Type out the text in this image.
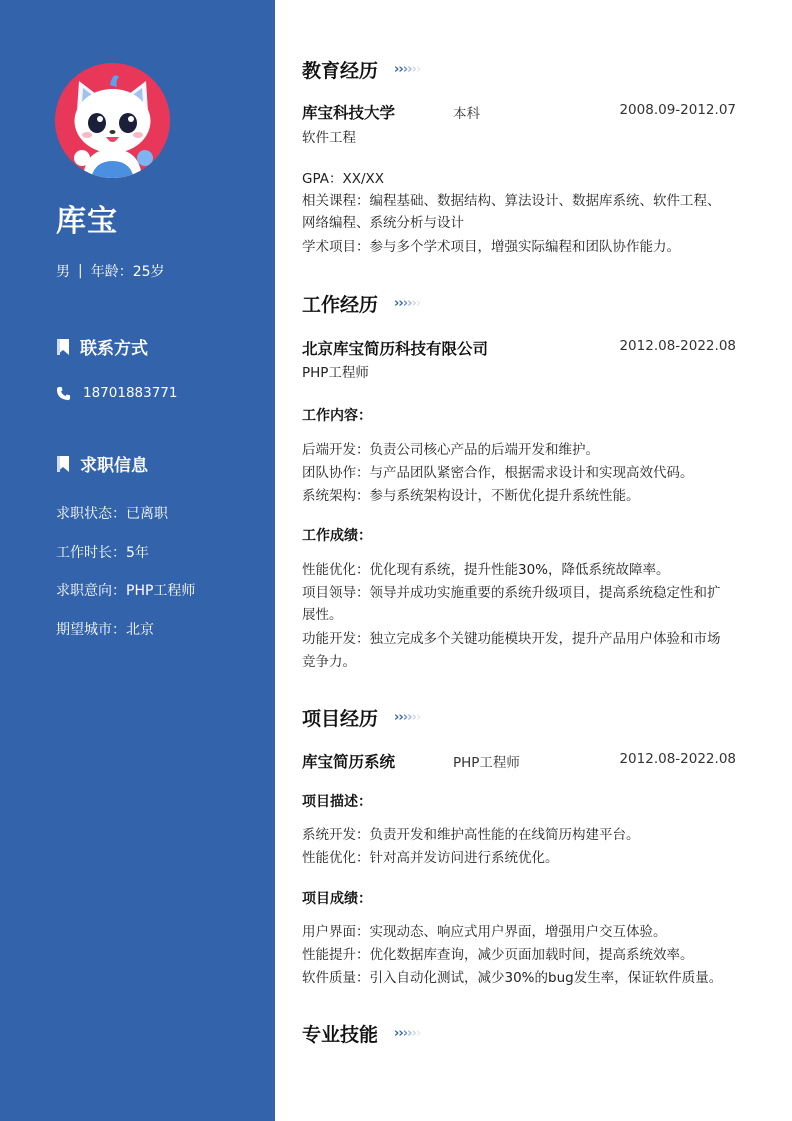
库宝
男 | 年龄：25岁
联系方式
18701883771
求职信息
求职状态：已离职
工作时长：5年
求职意向：PHP工程师
期望城市：北京
教育经历 › › › › › ›
库宝科技大学	本科	2008.09-2012.07
软件工程
GPA：XX/XX
相关课程：编程基础、数据结构、算法设计、数据库系统、软件工程、
网络编程、系统分析与设计
学术项目：参与多个学术项目，增强实际编程和团队协作能力。
工作经历 › › › › › ›
北京库宝简历科技有限公司	2012.08-2022.08
PHP工程师
工作内容：
后端开发：负责公司核心产品的后端开发和维护。
团队协作：与产品团队紧密合作，根据需求设计和实现高效代码。
系统架构：参与系统架构设计，不断优化提升系统性能。
工作成绩：
性能优化：优化现有系统，提升性能30%，降低系统故障率。
项目领导：领导并成功实施重要的系统升级项目，提高系统稳定性和扩
展性。
功能开发：独立完成多个关键功能模块开发，提升产品用户体验和市场
竞争力。
项目经历 › › › › › ›
库宝简历系统	PHP工程师	2012.08-2022.08
项目描述：
系统开发：负责开发和维护高性能的在线简历构建平台。
性能优化：针对高并发访问进行系统优化。
项目成绩：
用户界面：实现动态、响应式用户界面，增强用户交互体验。
性能提升：优化数据库查询，减少页面加载时间，提高系统效率。
软件质量：引入自动化测试，减少30%的bug发生率，保证软件质量。
专业技能 › › › › › ›
